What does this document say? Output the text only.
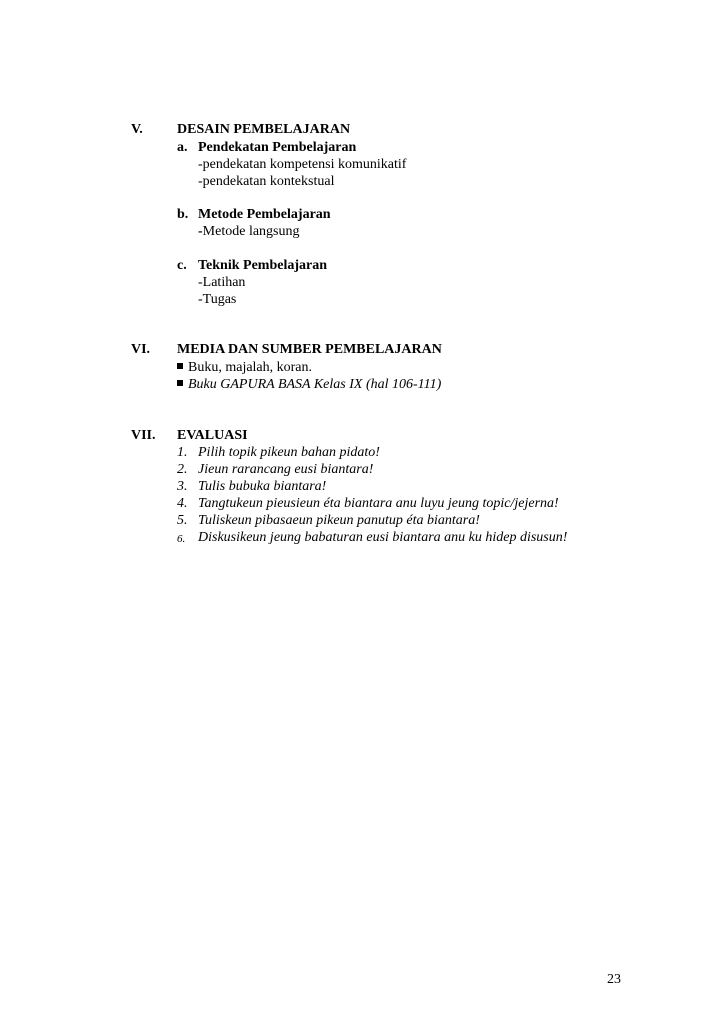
V. DESAIN PEMBELAJARAN
a. Pendekatan Pembelajaran
-pendekatan kompetensi komunikatif
-pendekatan kontekstual
b. Metode Pembelajaran
-Metode langsung
c. Teknik Pembelajaran
-Latihan
-Tugas
VI. MEDIA DAN SUMBER PEMBELAJARAN
Buku, majalah, koran.
Buku GAPURA BASA Kelas IX (hal 106-111)
VII. EVALUASI
1. Pilih topik pikeun bahan pidato!
2. Jieun rarancang eusi biantara!
3. Tulis bubuka biantara!
4. Tangtukeun pieusieun éta biantara anu luyu jeung topic/jejerna!
5. Tuliskeun pibasaeun pikeun panutup éta biantara!
6. Diskusikeun jeung babaturan eusi biantara anu ku hidep disusun!
23
